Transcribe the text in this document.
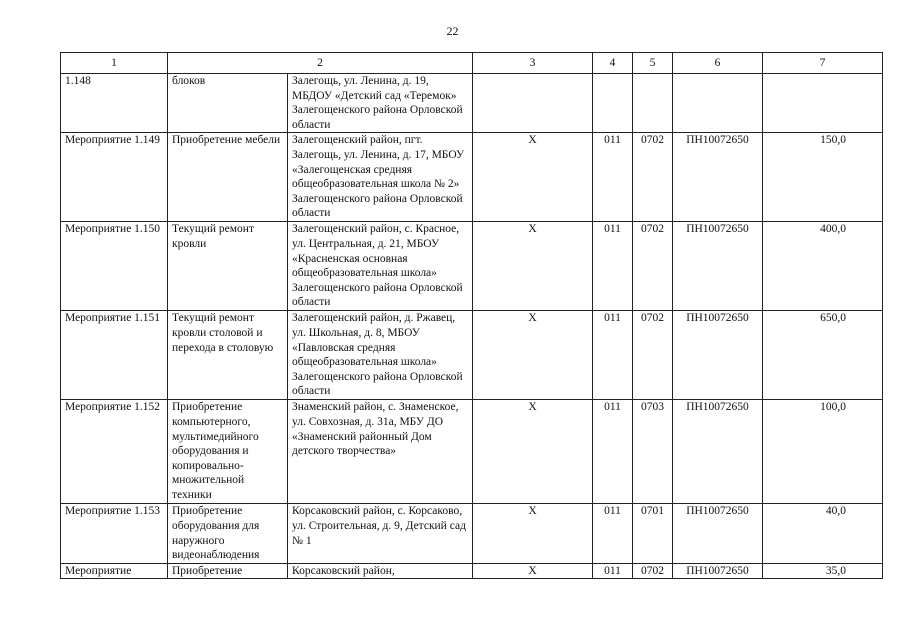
22
1	2		3	4	5	6	7
1.148	блоков	Залегощь, ул. Ленина, д. 19, МБДОУ «Детский сад «Теремок» Залегощенского района Орловской области					
Мероприятие 1.149	Приобретение мебели	Залегощенский район, пгт. Залегощь, ул. Ленина, д. 17, МБОУ «Залегощенская средняя общеобразовательная школа № 2» Залегощенского района Орловской области	Х	011	0702	ПН10072650	150,0
Мероприятие 1.150	Текущий ремонт кровли	Залегощенский район, с. Красное, ул. Центральная, д. 21, МБОУ «Красненская основная общеобразовательная школа» Залегощенского района Орловской области	Х	011	0702	ПН10072650	400,0
Мероприятие 1.151	Текущий ремонт кровли столовой и перехода в столовую	Залегощенский район, д. Ржавец, ул. Школьная, д. 8, МБОУ «Павловская средняя общеобразовательная школа» Залегощенского района Орловской области	Х	011	0702	ПН10072650	650,0
Мероприятие 1.152	Приобретение компьютерного, мультимедийного оборудования и копировально-множительной техники	Знаменский район, с. Знаменское, ул. Совхозная, д. 31а, МБУ ДО «Знаменский районный Дом детского творчества»	Х	011	0703	ПН10072650	100,0
Мероприятие 1.153	Приобретение оборудования для наружного видеонаблюдения	Корсаковский район, с. Корсаково, ул. Строительная, д. 9, Детский сад № 1	Х	011	0701	ПН10072650	40,0
Мероприятие	Приобретение	Корсаковский район,	Х	011	0702	ПН10072650	35,0
